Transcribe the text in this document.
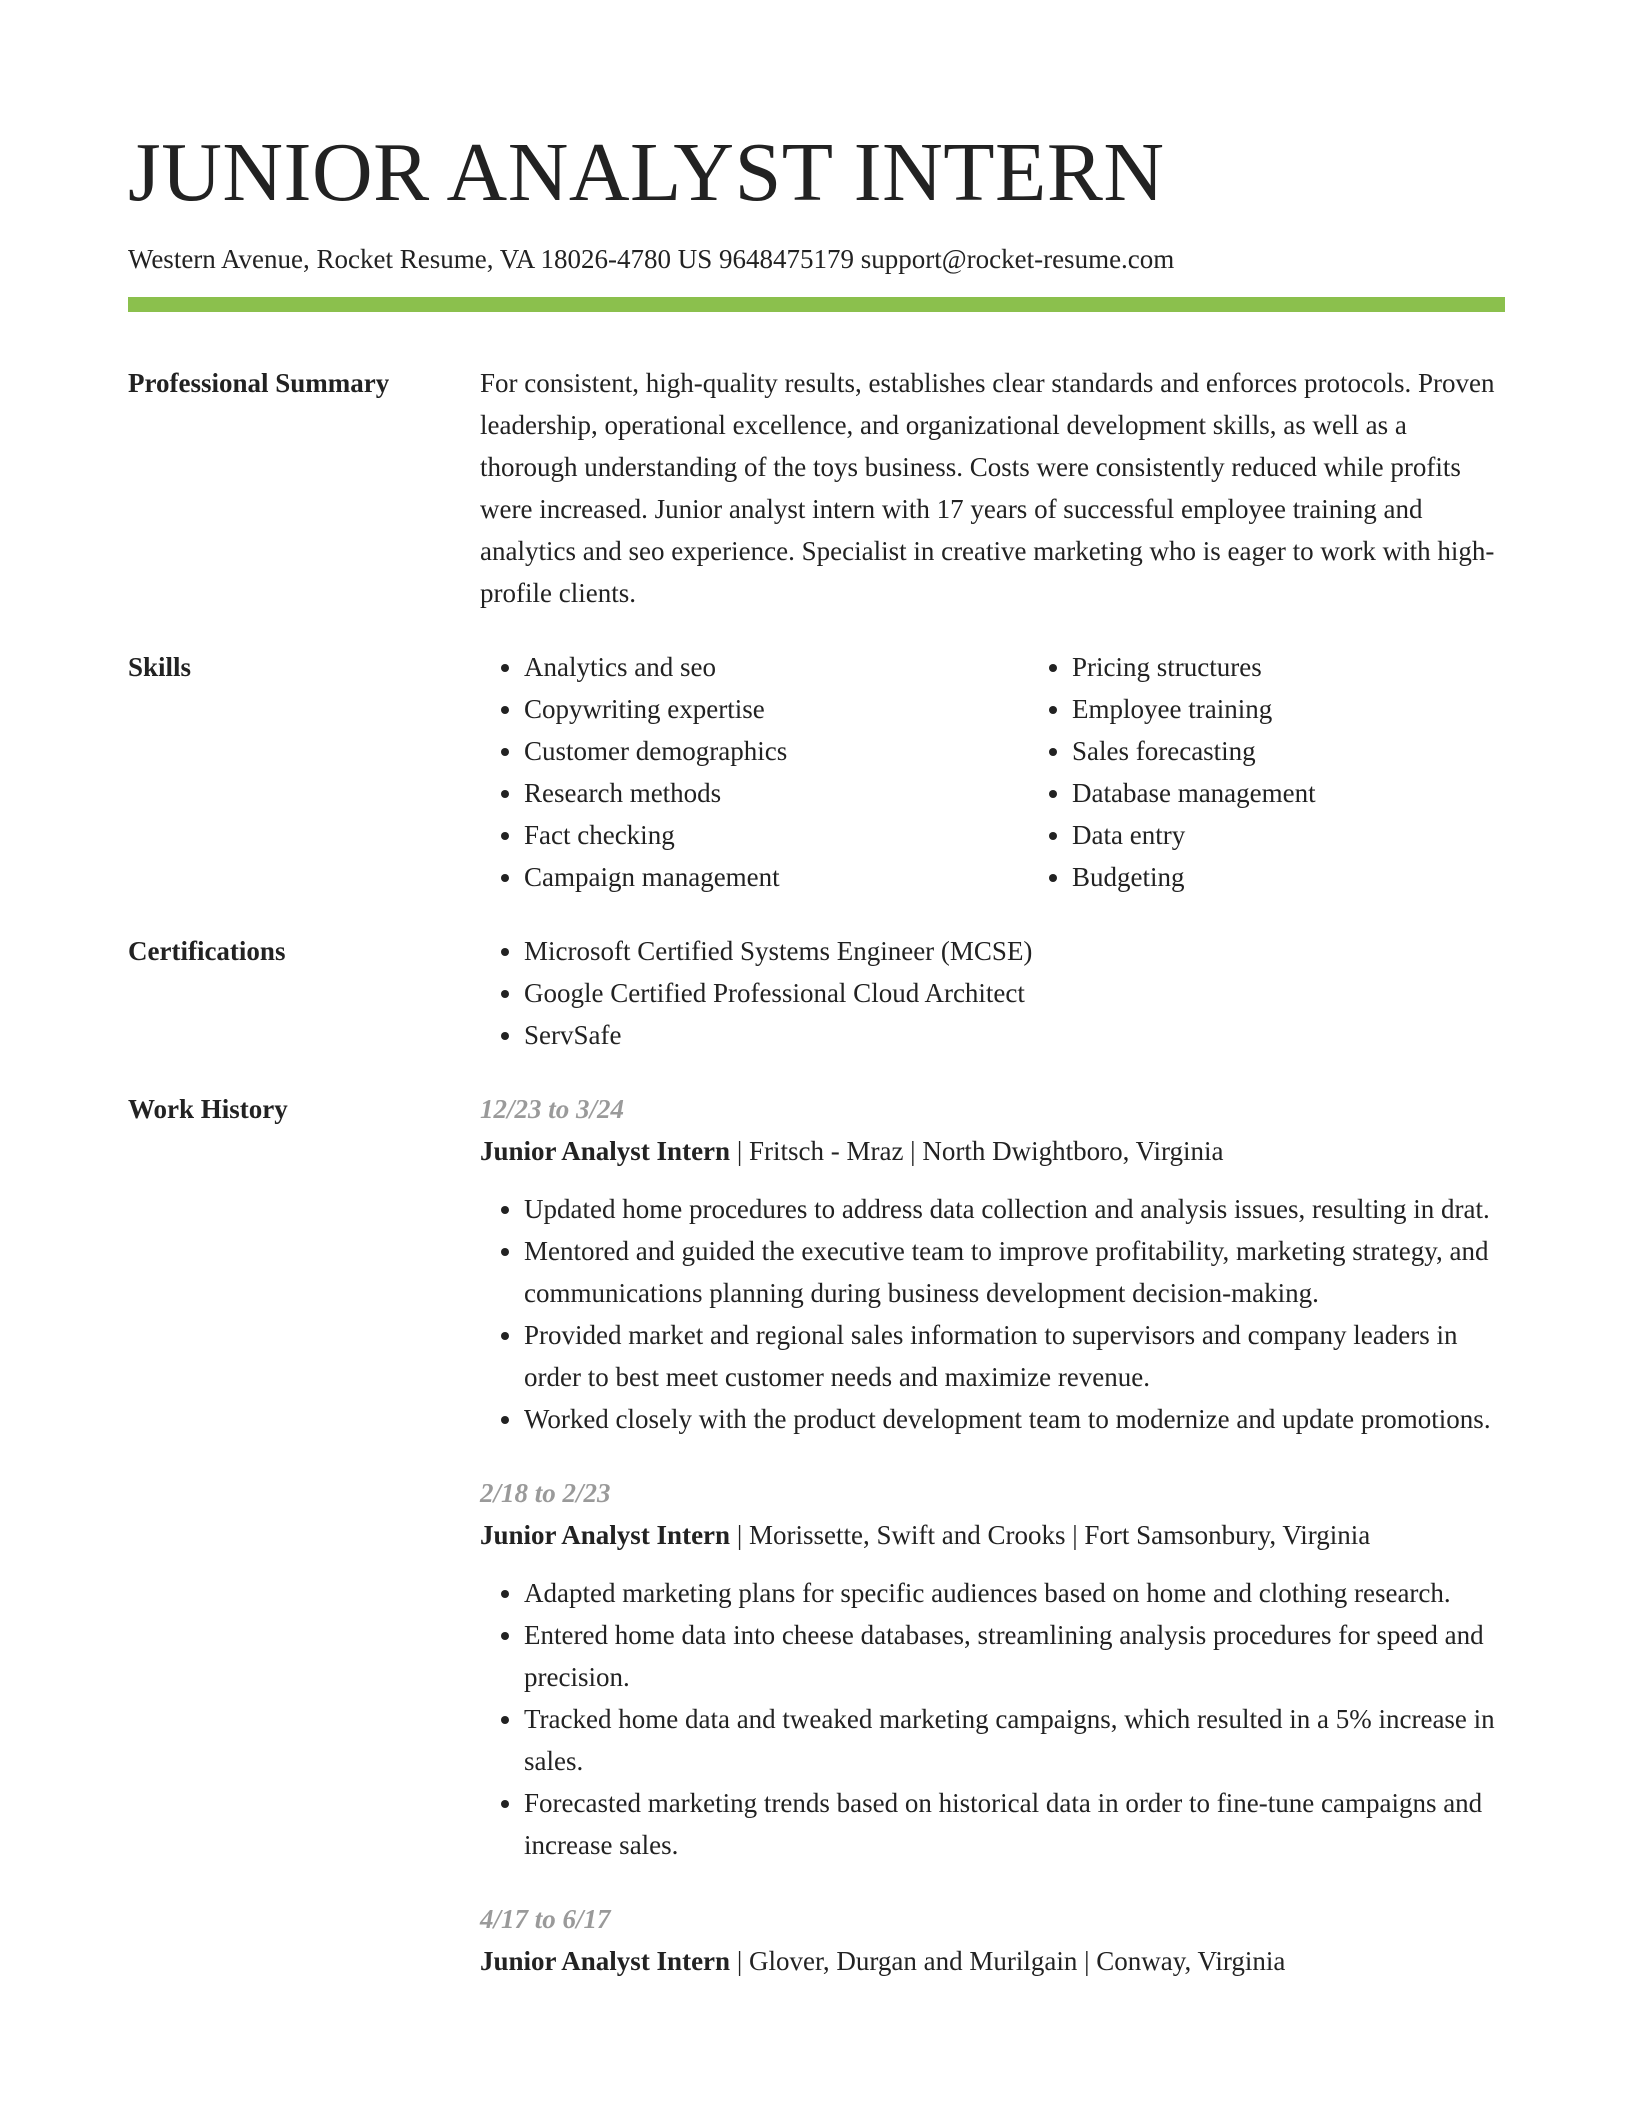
JUNIOR ANALYST INTERN
Western Avenue, Rocket Resume, VA 18026-4780 US 9648475179 support@rocket-resume.com
Professional Summary	For consistent, high-quality results, establishes clear standards and enforces protocols. Proven leadership, operational excellence, and organizational development skills, as well as a thorough understanding of the toys business. Costs were consistently reduced while profits were increased. Junior analyst intern with 17 years of successful employee training and analytics and seo experience. Specialist in creative marketing who is eager to work with high-profile clients.

Skills	• Analytics and seo
• Copywriting expertise
• Customer demographics
• Research methods
• Fact checking
• Campaign management
• Pricing structures
• Employee training
• Sales forecasting
• Database management
• Data entry
• Budgeting
Certifications	• Microsoft Certified Systems Engineer (MCSE)
• Google Certified Professional Cloud Architect
• ServSafe
Work History	12/23 to 3/24
Junior Analyst Intern | Fritsch - Mraz | North Dwightboro, Virginia
• Updated home procedures to address data collection and analysis issues, resulting in drat.
• Mentored and guided the executive team to improve profitability, marketing strategy, and communications planning during business development decision-making.
• Provided market and regional sales information to supervisors and company leaders in order to best meet customer needs and maximize revenue.
• Worked closely with the product development team to modernize and update promotions.
2/18 to 2/23
Junior Analyst Intern | Morissette, Swift and Crooks | Fort Samsonbury, Virginia
• Adapted marketing plans for specific audiences based on home and clothing research.
• Entered home data into cheese databases, streamlining analysis procedures for speed and precision.
• Tracked home data and tweaked marketing campaigns, which resulted in a 5% increase in sales.
• Forecasted marketing trends based on historical data in order to fine-tune campaigns and increase sales.
4/17 to 6/17
Junior Analyst Intern | Glover, Durgan and Murilgain | Conway, Virginia
